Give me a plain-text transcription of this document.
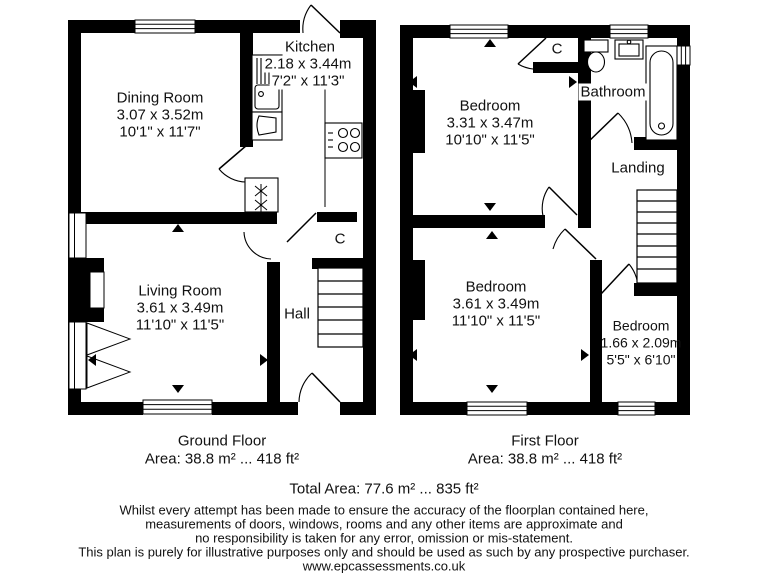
Dining Room
3.07 x 3.52m
10'1" x 11'7"
Kitchen
2.18 x 3.44m
7'2" x 11'3"
Living Room
3.61 x 3.49m
11'10" x 11'5"
Hall
C
Bedroom
3.31 x 3.47m
10'10" x 11'5"
Bathroom
Landing
C
Bedroom
3.61 x 3.49m
11'10" x 11'5"	Bedroom
1.66 x 2.09m
5'5" x 6'10"
Ground Floor
Area: 38.8 m² ... 418 ft²
First Floor
Area: 38.8 m² ... 418 ft²
Total Area: 77.6 m² ... 835 ft²
Whilst every attempt has been made to ensure the accuracy of the floorplan contained here,
measurements of doors, windows, rooms and any other items are approximate and
no responsibility is taken for any error, omission or mis-statement.
This plan is purely for illustrative purposes only and should be used as such by any prospective purchaser.
www.epcassessments.co.uk
